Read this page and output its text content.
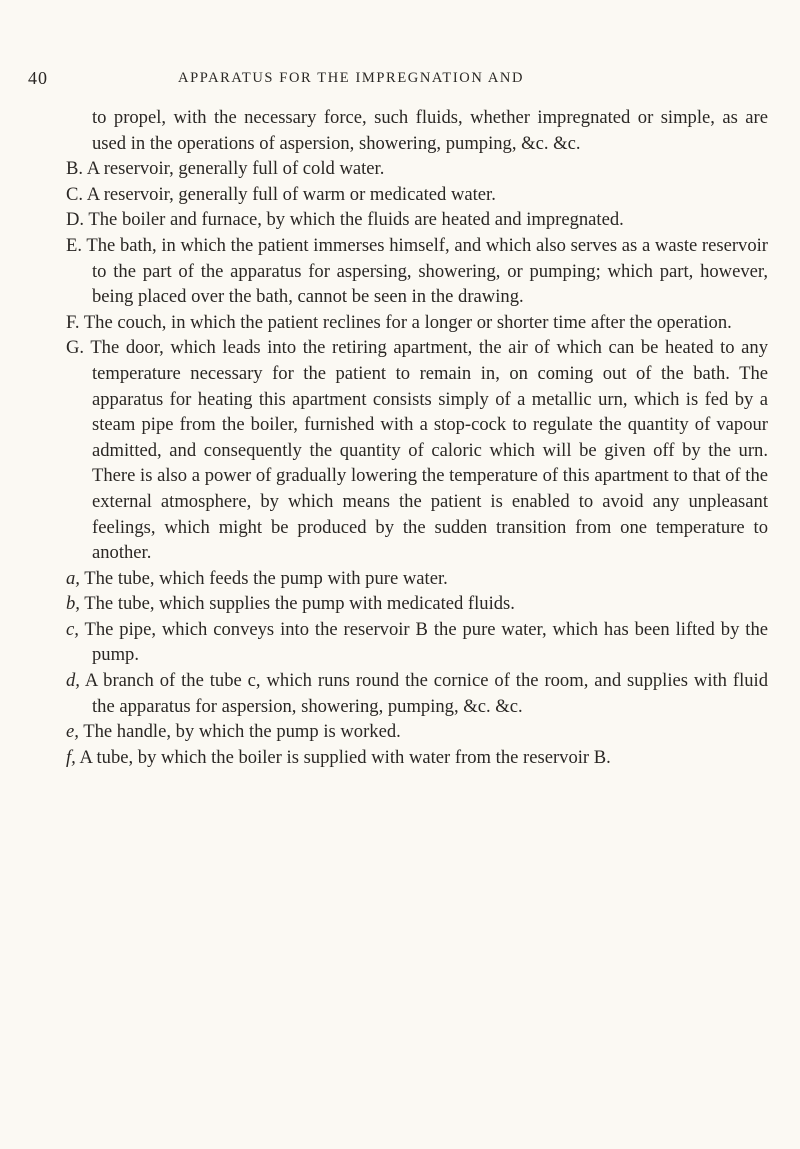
40	APPARATUS FOR THE IMPREGNATION AND

to propel, with the necessary force, such fluids, whether impregnated or simple, as are used in the operations of aspersion, showering, pumping, &c. &c.

B. A reservoir, generally full of cold water.

C. A reservoir, generally full of warm or medicated water.

D. The boiler and furnace, by which the fluids are heated and impregnated.

E. The bath, in which the patient immerses himself, and which also serves as a waste reservoir to the part of the apparatus for aspersing, showering, or pumping; which part, however, being placed over the bath, cannot be seen in the drawing.

F. The couch, in which the patient reclines for a longer or shorter time after the operation.

G. The door, which leads into the retiring apartment, the air of which can be heated to any temperature necessary for the patient to remain in, on coming out of the bath. The apparatus for heating this apartment consists simply of a metallic urn, which is fed by a steam pipe from the boiler, furnished with a stop-cock to regulate the quantity of vapour admitted, and consequently the quantity of caloric which will be given off by the urn. There is also a power of gradually lowering the temperature of this apartment to that of the external atmosphere, by which means the patient is enabled to avoid any unpleasant feelings, which might be produced by the sudden transition from one temperature to another.

a, The tube, which feeds the pump with pure water.

b, The tube, which supplies the pump with medicated fluids.

c, The pipe, which conveys into the reservoir B the pure water, which has been lifted by the pump.

d, A branch of the tube c, which runs round the cornice of the room, and supplies with fluid the apparatus for aspersion, showering, pumping, &c. &c.

e, The handle, by which the pump is worked.

f, A tube, by which the boiler is supplied with water from the reservoir B.
